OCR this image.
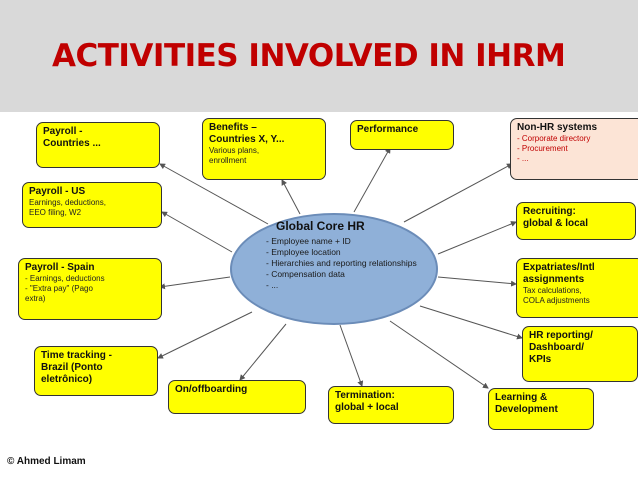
ACTIVITIES INVOLVED IN IHRM
Global Core HR
- Employee name + ID
- Employee location
- Hierarchies and reporting relationships
- Compensation data
- ...
Payroll -
Countries ...
Benefits –
Countries X, Y...
Various plans,
enrollment
Performance	Non-HR systems
- Corporate directory
- Procurement
- ...
Payroll - US
Earnings, deductions,
EEO filing, W2	Recruiting:
global & local
Payroll - Spain
- Earnings, deductions
- "Extra pay" (Pago
extra)
Expatriates/Intl
assignments
Tax calculations,
COLA adjustments
HR reporting/
Dashboard/
KPIs
Time tracking -
Brazil (Ponto
eletrônico)
On/offboarding
Termination:
global + local
Learning &
Development
© Ahmed Limam
